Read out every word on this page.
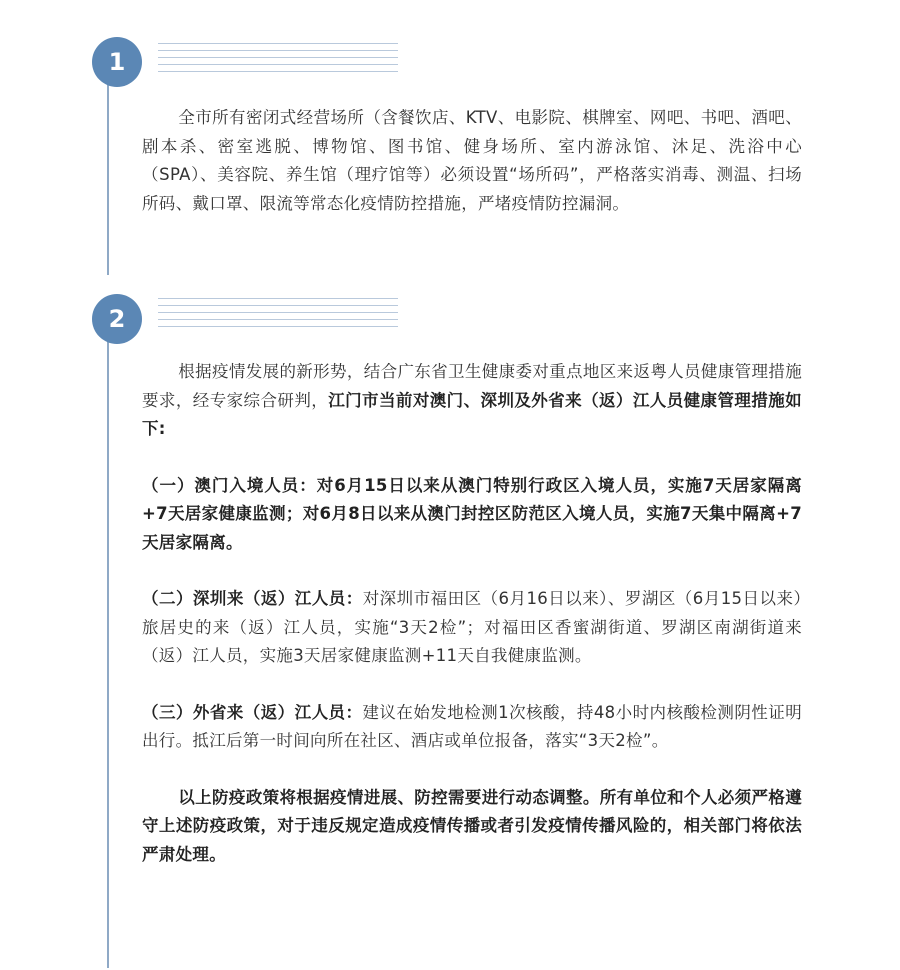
1

全市所有密闭式经营场所（含餐饮店、KTV、电影院、棋牌室、网吧、书吧、酒吧、剧本杀、密室逃脱、博物馆、图书馆、健身场所、室内游泳馆、沐足、洗浴中心（SPA）、美容院、养生馆（理疗馆等）必须设置“场所码”，严格落实消毒、测温、扫场所码、戴口罩、限流等常态化疫情防控措施，严堵疫情防控漏洞。

2

根据疫情发展的新形势，结合广东省卫生健康委对重点地区来返粤人员健康管理措施要求，经专家综合研判，江门市当前对澳门、深圳及外省来（返）江人员健康管理措施如下:

（一）澳门入境人员：对6月15日以来从澳门特别行政区入境人员，实施7天居家隔离+7天居家健康监测；对6月8日以来从澳门封控区防范区入境人员，实施7天集中隔离+7天居家隔离。

（二）深圳来（返）江人员：对深圳市福田区（6月16日以来）、罗湖区（6月15日以来）旅居史的来（返）江人员，实施“3天2检”；对福田区香蜜湖街道、罗湖区南湖街道来（返）江人员，实施3天居家健康监测+11天自我健康监测。

（三）外省来（返）江人员：建议在始发地检测1次核酸，持48小时内核酸检测阴性证明出行。抵江后第一时间向所在社区、酒店或单位报备，落实“3天2检”。

以上防疫政策将根据疫情进展、防控需要进行动态调整。所有单位和个人必须严格遵守上述防疫政策，对于违反规定造成疫情传播或者引发疫情传播风险的，相关部门将依法严肃处理。
